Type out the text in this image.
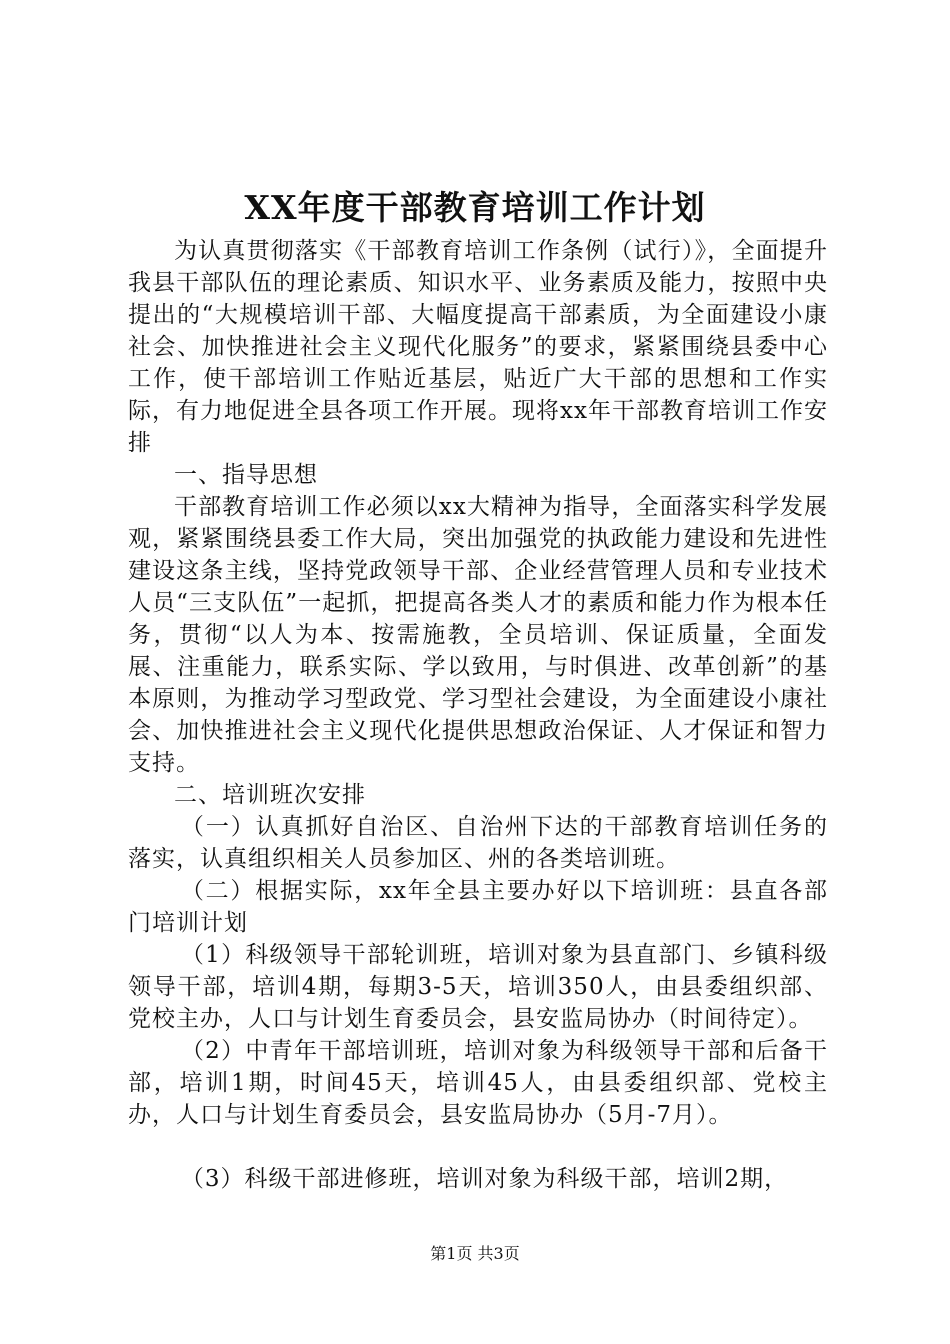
XX年度干部教育培训工作计划

为认真贯彻落实《干部教育培训工作条例（试行）》，全面提升我县干部队伍的理论素质、知识水平、业务素质及能力，按照中央提出的“大规模培训干部、大幅度提高干部素质，为全面建设小康社会、加快推进社会主义现代化服务”的要求，紧紧围绕县委中心工作，使干部培训工作贴近基层，贴近广大干部的思想和工作实际，有力地促进全县各项工作开展。现将xx年干部教育培训工作安排

一、指导思想

干部教育培训工作必须以xx大精神为指导，全面落实科学发展观，紧紧围绕县委工作大局，突出加强党的执政能力建设和先进性建设这条主线，坚持党政领导干部、企业经营管理人员和专业技术人员“三支队伍”一起抓，把提高各类人才的素质和能力作为根本任务，贯彻“以人为本、按需施教，全员培训、保证质量，全面发展、注重能力，联系实际、学以致用，与时俱进、改革创新”的基本原则，为推动学习型政党、学习型社会建设，为全面建设小康社会、加快推进社会主义现代化提供思想政治保证、人才保证和智力支持。

二、培训班次安排

（一）认真抓好自治区、自治州下达的干部教育培训任务的落实，认真组织相关人员参加区、州的各类培训班。

（二）根据实际，xx年全县主要办好以下培训班：县直各部门培训计划

（1）科级领导干部轮训班，培训对象为县直部门、乡镇科级领导干部，培训4期，每期3-5天，培训350人，由县委组织部、党校主办，人口与计划生育委员会，县安监局协办（时间待定）。

（2）中青年干部培训班，培训对象为科级领导干部和后备干部，培训1期，时间45天，培训45人，由县委组织部、党校主办，人口与计划生育委员会，县安监局协办（5月-7月）。

（3）科级干部进修班，培训对象为科级干部，培训2期，

第1页 共3页
